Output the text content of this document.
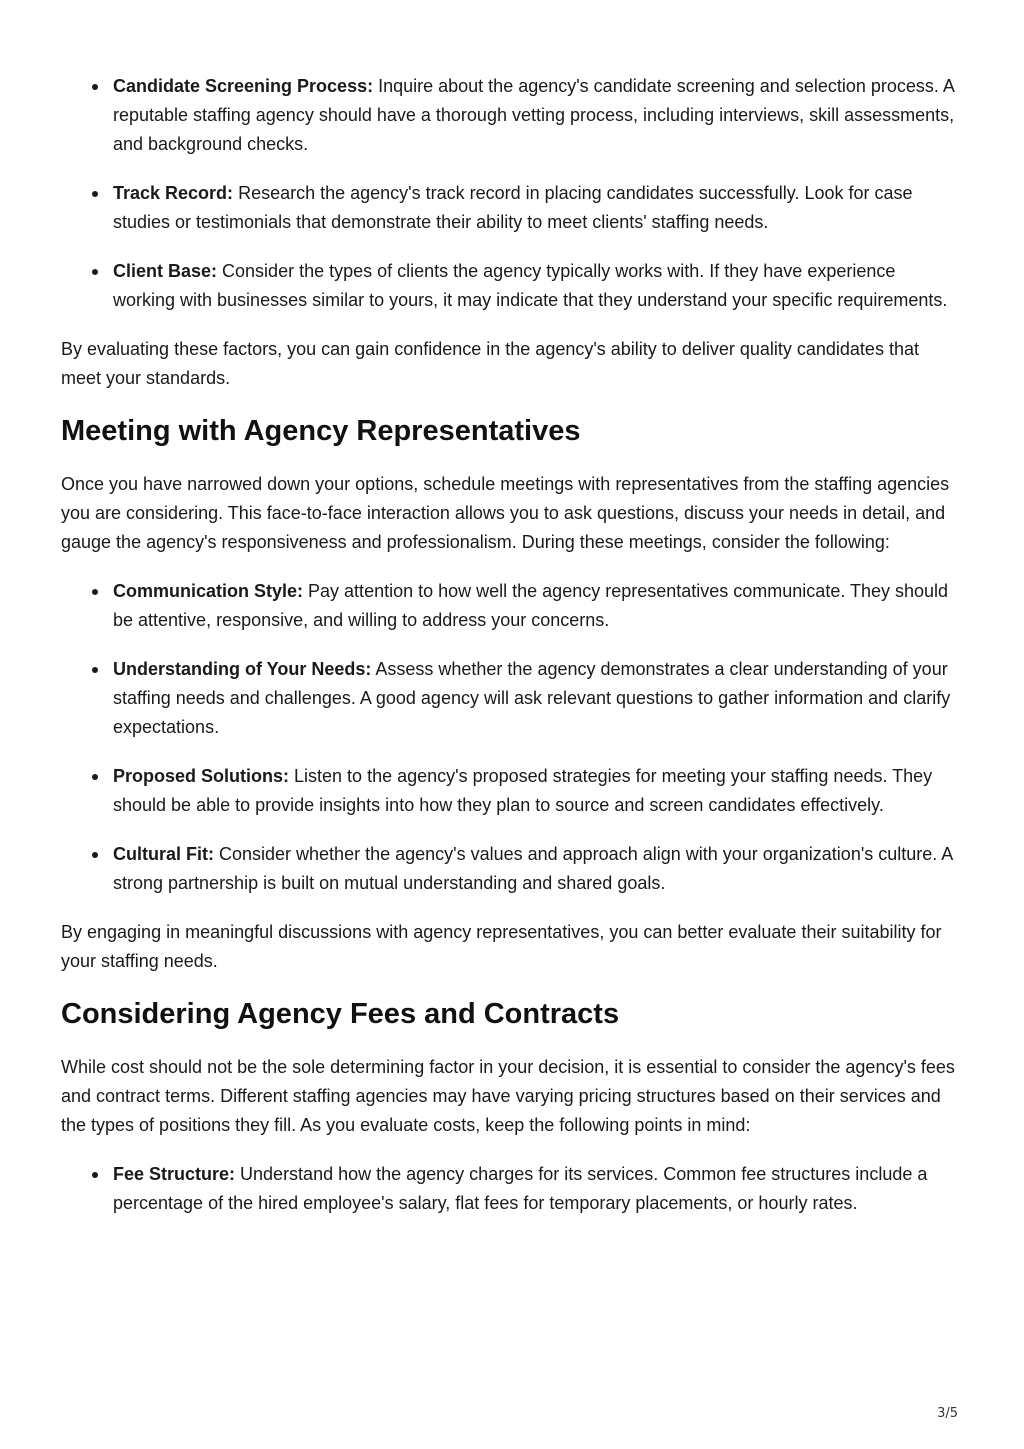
Candidate Screening Process: Inquire about the agency's candidate screening and selection process. A reputable staffing agency should have a thorough vetting process, including interviews, skill assessments, and background checks.
Track Record: Research the agency's track record in placing candidates successfully. Look for case studies or testimonials that demonstrate their ability to meet clients' staffing needs.
Client Base: Consider the types of clients the agency typically works with. If they have experience working with businesses similar to yours, it may indicate that they understand your specific requirements.

By evaluating these factors, you can gain confidence in the agency's ability to deliver quality candidates that meet your standards.

Meeting with Agency Representatives

Once you have narrowed down your options, schedule meetings with representatives from the staffing agencies you are considering. This face-to-face interaction allows you to ask questions, discuss your needs in detail, and gauge the agency's responsiveness and professionalism. During these meetings, consider the following:

Communication Style: Pay attention to how well the agency representatives communicate. They should be attentive, responsive, and willing to address your concerns.
Understanding of Your Needs: Assess whether the agency demonstrates a clear understanding of your staffing needs and challenges. A good agency will ask relevant questions to gather information and clarify expectations.
Proposed Solutions: Listen to the agency's proposed strategies for meeting your staffing needs. They should be able to provide insights into how they plan to source and screen candidates effectively.
Cultural Fit: Consider whether the agency's values and approach align with your organization's culture. A strong partnership is built on mutual understanding and shared goals.

By engaging in meaningful discussions with agency representatives, you can better evaluate their suitability for your staffing needs.

Considering Agency Fees and Contracts

While cost should not be the sole determining factor in your decision, it is essential to consider the agency's fees and contract terms. Different staffing agencies may have varying pricing structures based on their services and the types of positions they fill. As you evaluate costs, keep the following points in mind:

Fee Structure: Understand how the agency charges for its services. Common fee structures include a percentage of the hired employee's salary, flat fees for temporary placements, or hourly rates.
3/5
